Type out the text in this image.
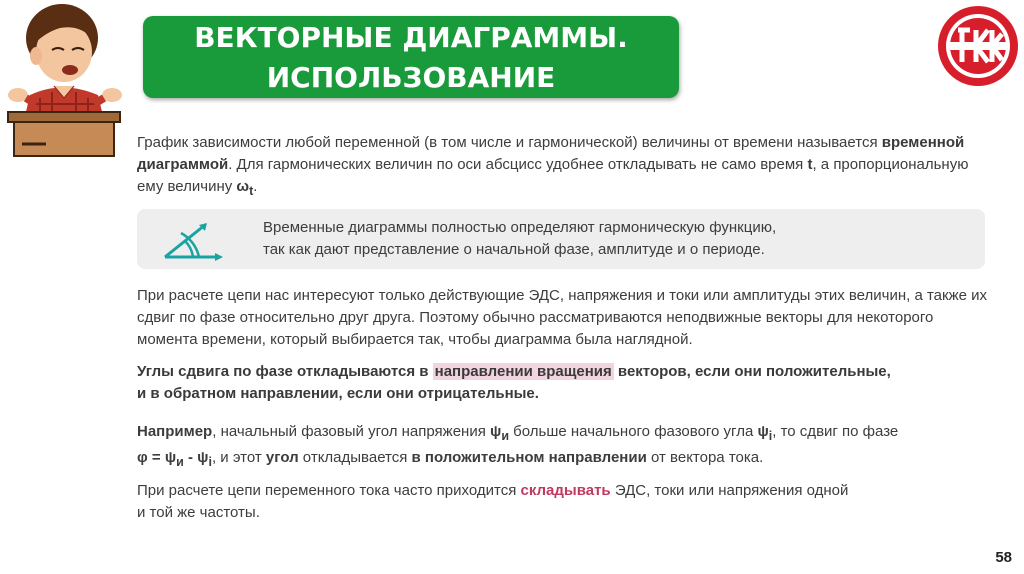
ВЕКТОРНЫЕ ДИАГРАММЫ.
ИСПОЛЬЗОВАНИЕ
График зависимости любой переменной (в том числе и гармонической) величины от времени называется временной диаграммой. Для гармонических величин по оси абсцисс удобнее откладывать не само время t, а пропорциональную ему величину $\omega_t$.
Временные диаграммы полностью определяют гармоническую функцию,
так как дают представление о начальной фазе, амплитуде и о периоде.
При расчете цепи нас интересуют только действующие ЭДС, напряжения и токи или амплитуды этих величин, а также их сдвиг по фазе относительно друг друга. Поэтому обычно рассматриваются неподвижные векторы для некоторого момента времени, который выбирается так, чтобы диаграмма была наглядной.
Углы сдвига по фазе откладываются в направлении вращения векторов, если они положительные,
и в обратном направлении, если они отрицательные.
Например, начальный фазовый угол напряжения $\psi_и$ больше начального фазового угла $\psi_i$, то сдвиг по фазе
$\varphi = \psi_и - \psi_i$, и этот угол откладывается в положительном направлении от вектора тока.
При расчете цепи переменного тока часто приходится складывать ЭДС, токи или напряжения одной
и той же частоты.
58
